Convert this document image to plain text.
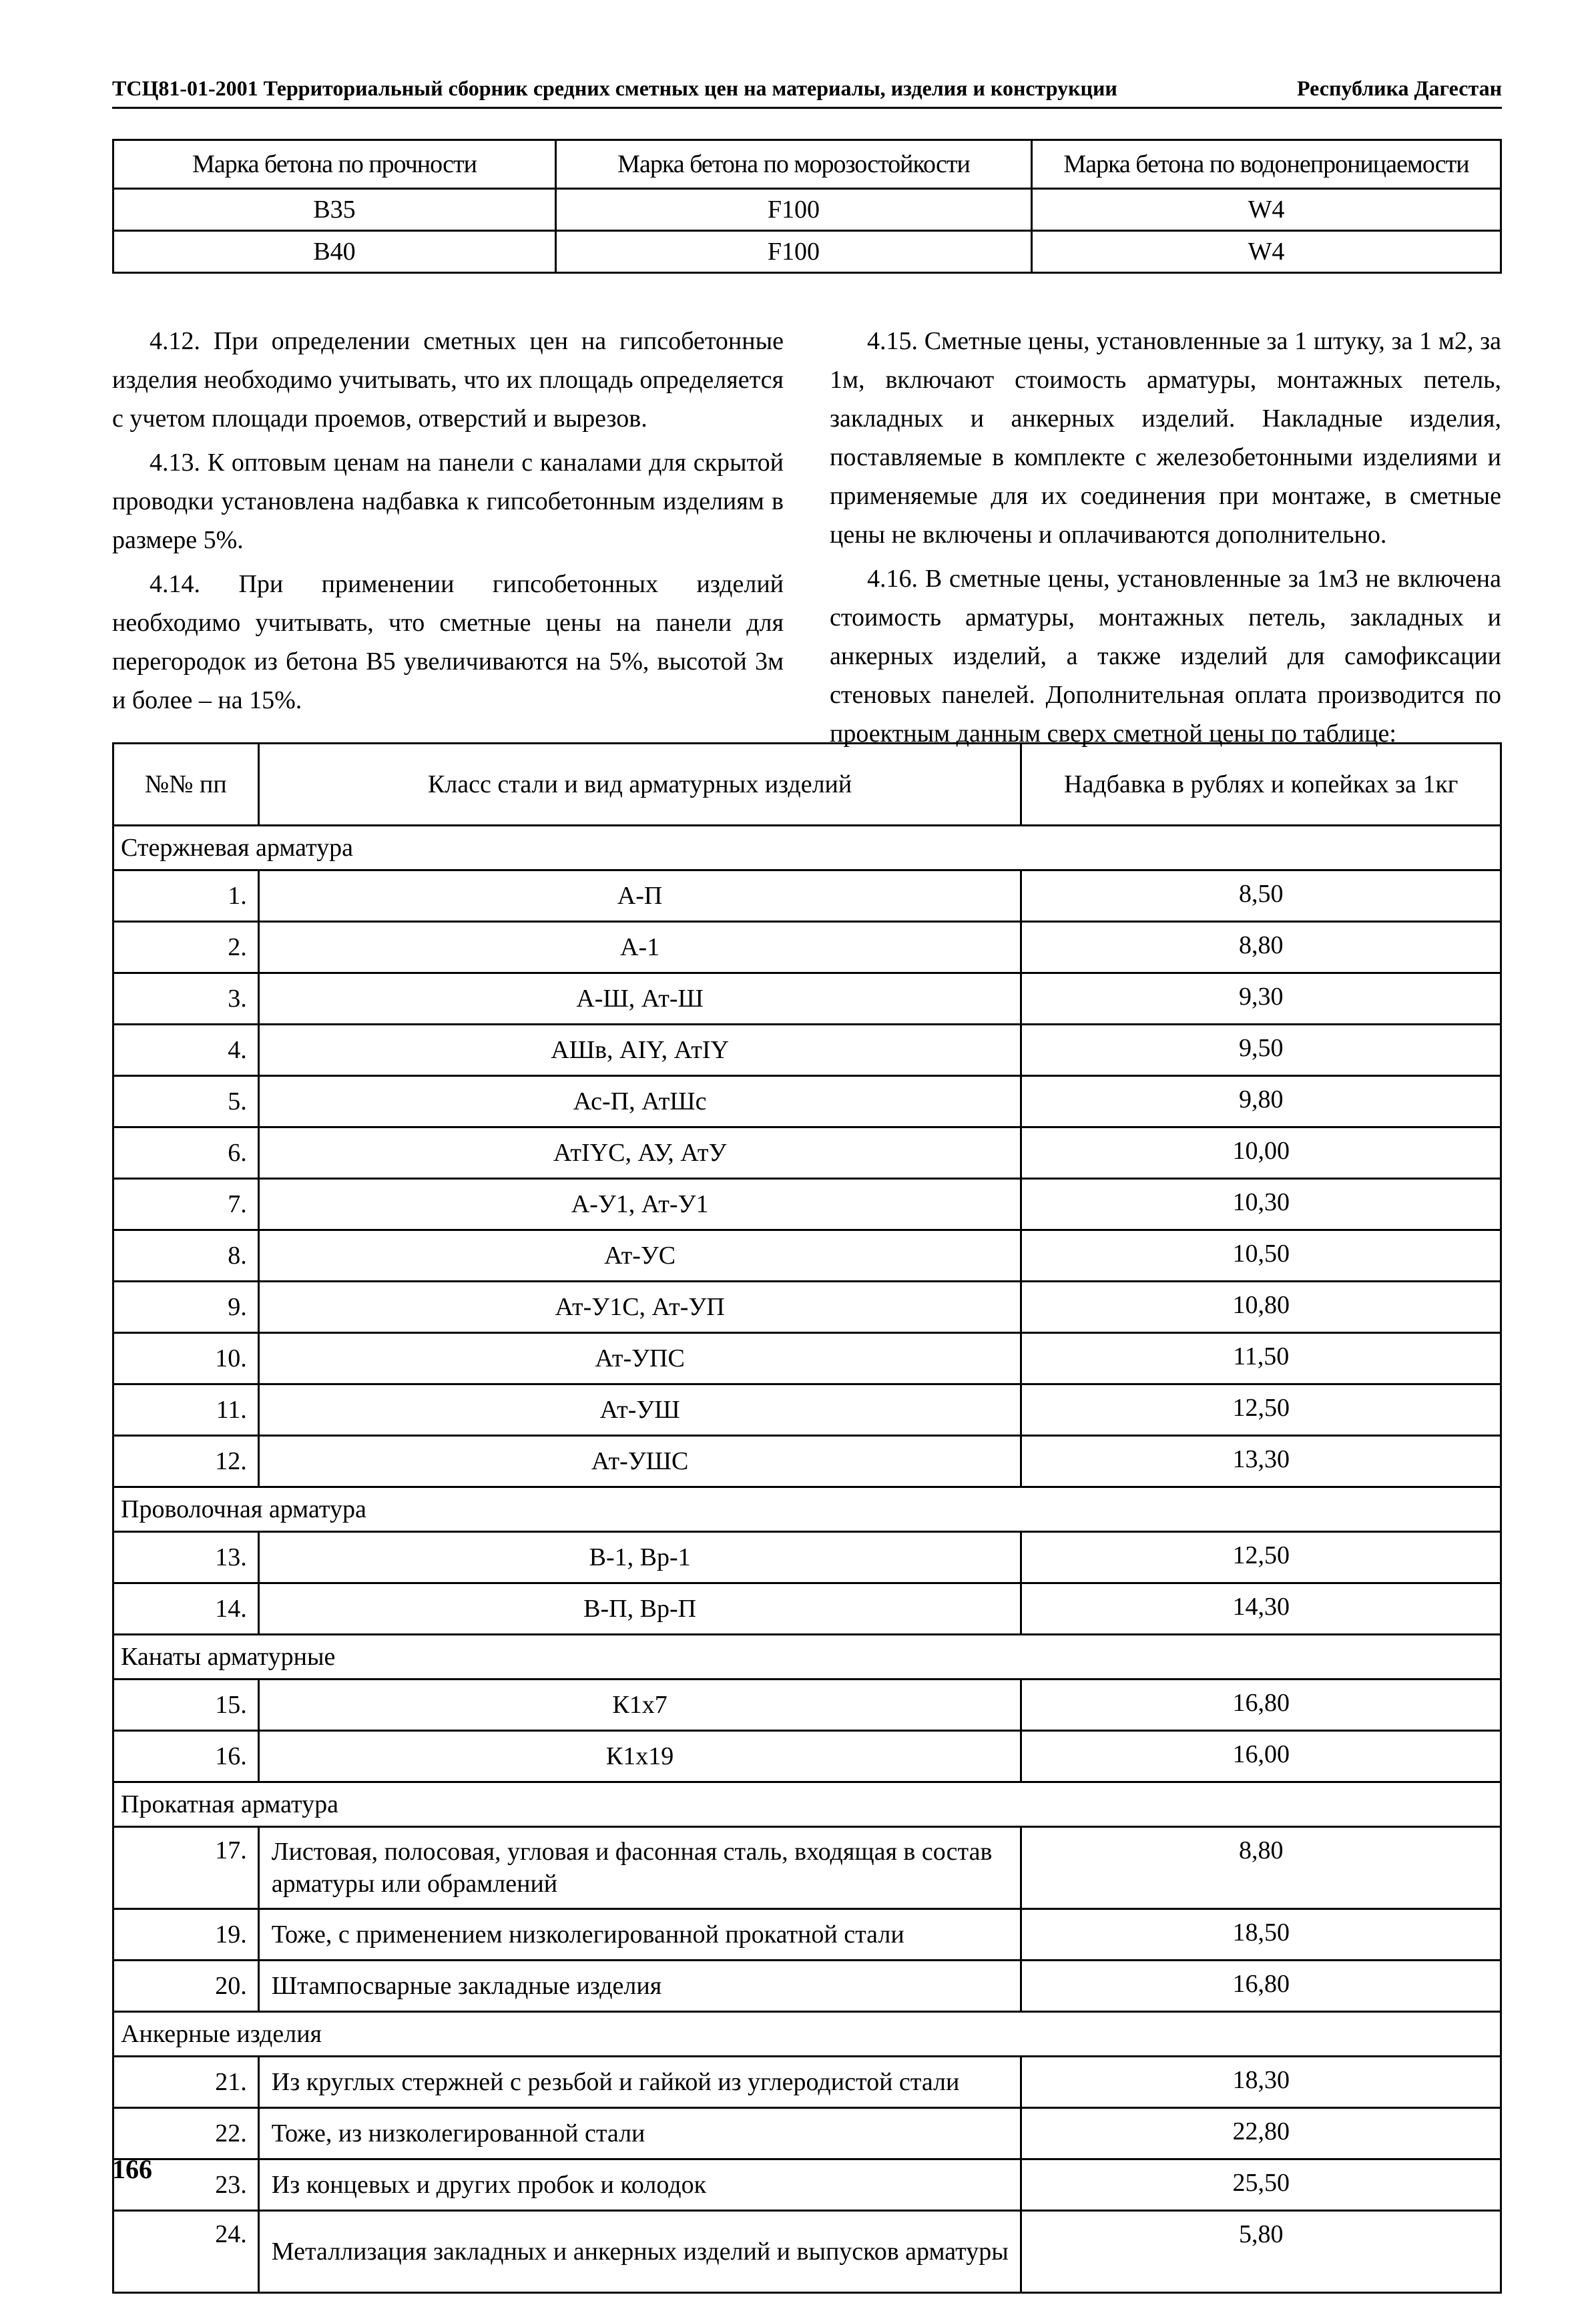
ТСЦ81-01-2001 Территориальный сборник средних сметных цен на материалы, изделия и конструкции	Республика Дагестан
Марка бетона по прочности	Марка бетона по морозостойкости	Марка бетона по водонепроницаемости
В35	F100	W4
В40	F100	W4

4.12. При определении сметных цен на гипсобетонные изделия необходимо учитывать, что их площадь определяется с учетом площади проемов, отверстий и вырезов.

4.13. К оптовым ценам на панели с каналами для скрытой проводки установлена надбавка к гипсобетонным изделиям в размере 5%.

4.14. При применении гипсобетонных изделий необходимо учитывать, что сметные цены на панели для перегородок из бетона В5 увеличиваются на 5%, высотой 3м и более – на 15%.

4.15. Сметные цены, установленные за 1 штуку, за 1 м2, за 1м, включают стоимость арматуры, монтажных петель, закладных и анкерных изделий. Накладные изделия, поставляемые в комплекте с железобетонными изделиями и применяемые для их соединения при монтаже, в сметные цены не включены и оплачиваются дополнительно.

4.16. В сметные цены, установленные за 1м3 не включена стоимость арматуры, монтажных петель, закладных и анкерных изделий, а также изделий для самофиксации стеновых панелей. Дополнительная оплата производится по проектным данным сверх сметной цены по таблице:

№№ пп	Класс стали и вид арматурных изделий	Надбавка в рублях и копейках за 1кг
Стержневая арматура		
1.	А-П	8,50
2.	А-1	8,80
3.	А-Ш, Ат-Ш	9,30
4.	АШв, АIY, АтIY	9,50
5.	Ас-П, АтШс	9,80
6.	АтIYС, АУ, АтУ	10,00
7.	А-У1, Ат-У1	10,30
8.	Ат-УС	10,50
9.	Ат-У1С, Ат-УП	10,80
10.	Ат-УПС	11,50
11.	Ат-УШ	12,50
12.	Ат-УШС	13,30
Проволочная арматура		
13.	В-1, Вр-1	12,50
14.	В-П, Вр-П	14,30
Канаты арматурные		
15.	К1х7	16,80
16.	К1х19	16,00
Прокатная арматура		
17.	Листовая, полосовая, угловая и фасонная сталь, входящая в состав арматуры или обрамлений	8,80
19.	Тоже, с применением низколегированной прокатной стали	18,50
20.	Штампосварные закладные изделия	16,80
Анкерные изделия		
21.	Из круглых стержней с резьбой и гайкой из углеродистой стали	18,30
22.	Тоже, из низколегированной стали	22,80
23.	Из концевых и других пробок и колодок	25,50
24.	Металлизация закладных и анкерных изделий и выпусков арматуры	5,80
166
